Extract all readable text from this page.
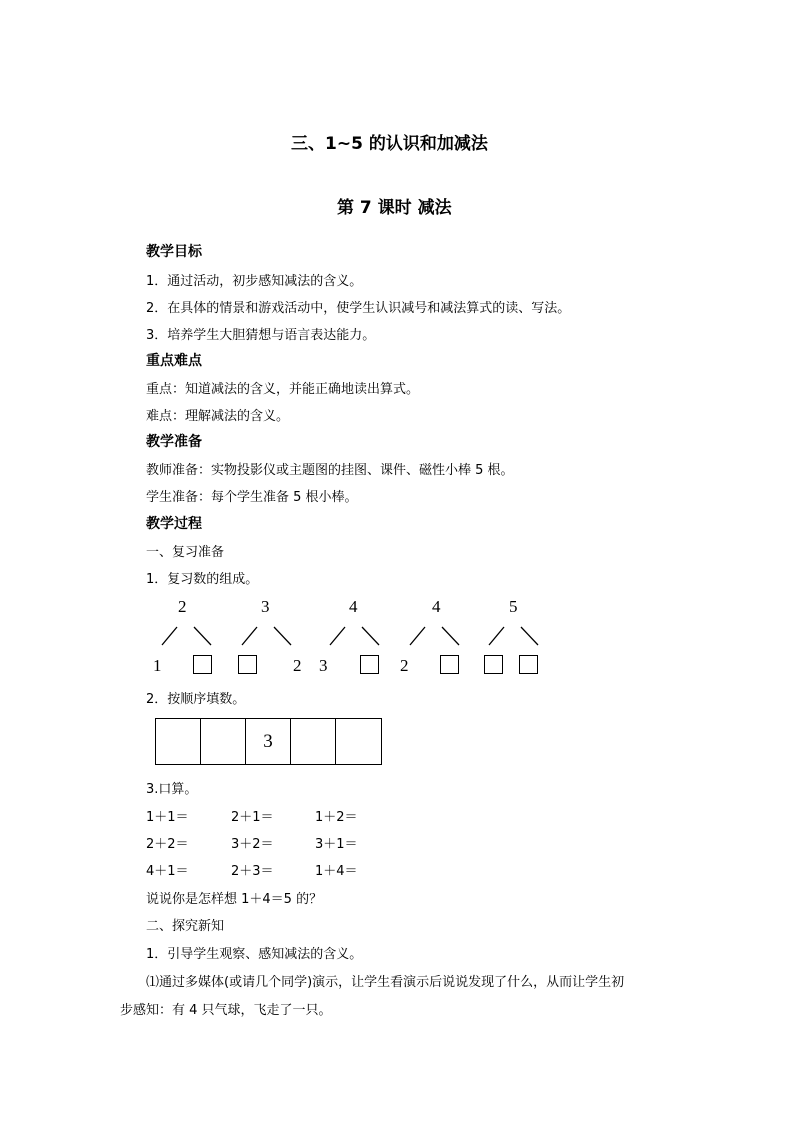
三、1~5 的认识和加减法
第 7 课时 减法
教学目标
1．通过活动，初步感知减法的含义。
2．在具体的情景和游戏活动中，使学生认识减号和减法算式的读、写法。
3．培养学生大胆猜想与语言表达能力。
重点难点
重点：知道减法的含义，并能正确地读出算式。
难点：理解减法的含义。
教学准备
教师准备：实物投影仪或主题图的挂图、课件、磁性小棒 5 根。
学生准备：每个学生准备 5 根小棒。
教学过程
一、复习准备
1．复习数的组成。
2	3	4	4	5
1	2 3	2
2．按顺序填数。
3
3.口算。
1＋1＝	2＋1＝	1＋2＝
2＋2＝	3＋2＝	3＋1＝
4＋1＝	2＋3＝	1＋4＝
说说你是怎样想 1＋4＝5 的？
二、探究新知
1．引导学生观察、感知减法的含义。
⑴通过多媒体(或请几个同学)演示，让学生看演示后说说发现了什么，从而让学生初
步感知：有 4 只气球，飞走了一只。
